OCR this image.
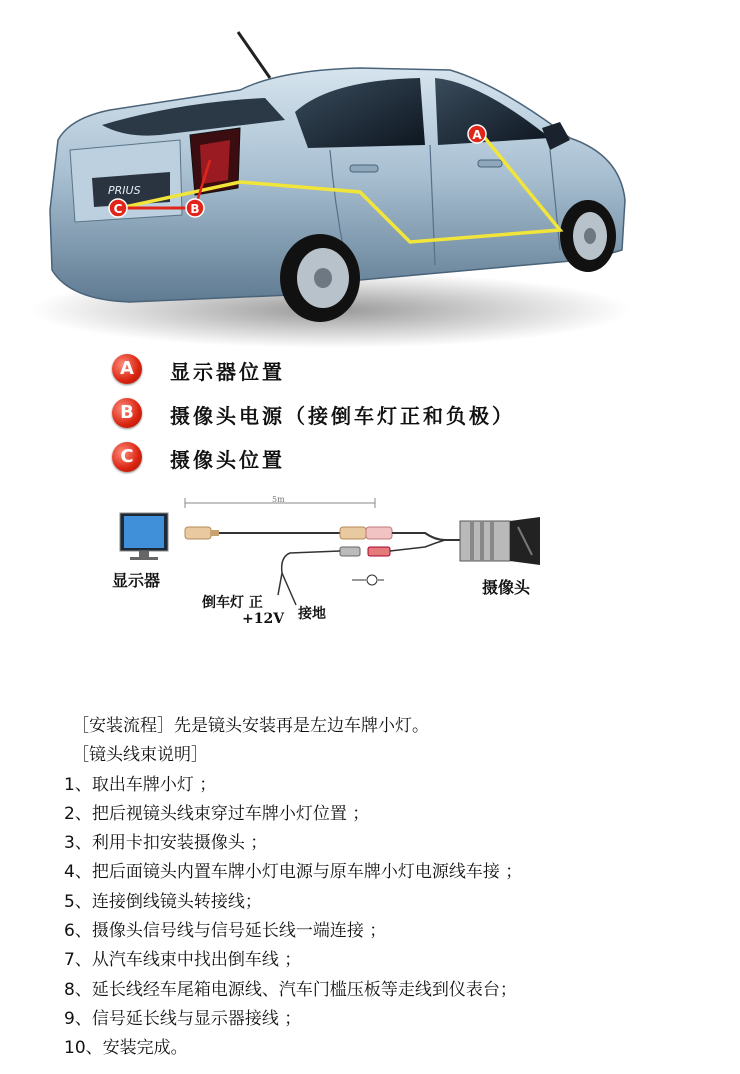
PRIUS
A
B
C
A	显示器位置
B	摄像头电源（接倒车灯正和负极）
C	摄像头位置
5m
显示器	摄像头
倒车灯 正
+12V 接地
［安装流程］先是镜头安装再是左边车牌小灯。
［镜头线束说明］
1、取出车牌小灯 ；
2、把后视镜头线束穿过车牌小灯位置 ；
3、利用卡扣安装摄像头 ；
4、把后面镜头内置车牌小灯电源与原车牌小灯电源线车接 ；
5、连接倒线镜头转接线；
6、摄像头信号线与信号延长线一端连接 ；
7、从汽车线束中找出倒车线 ；
8、延长线经车尾箱电源线、汽车门槛压板等走线到仪表台；
9、信号延长线与显示器接线 ；
10、安装完成。
